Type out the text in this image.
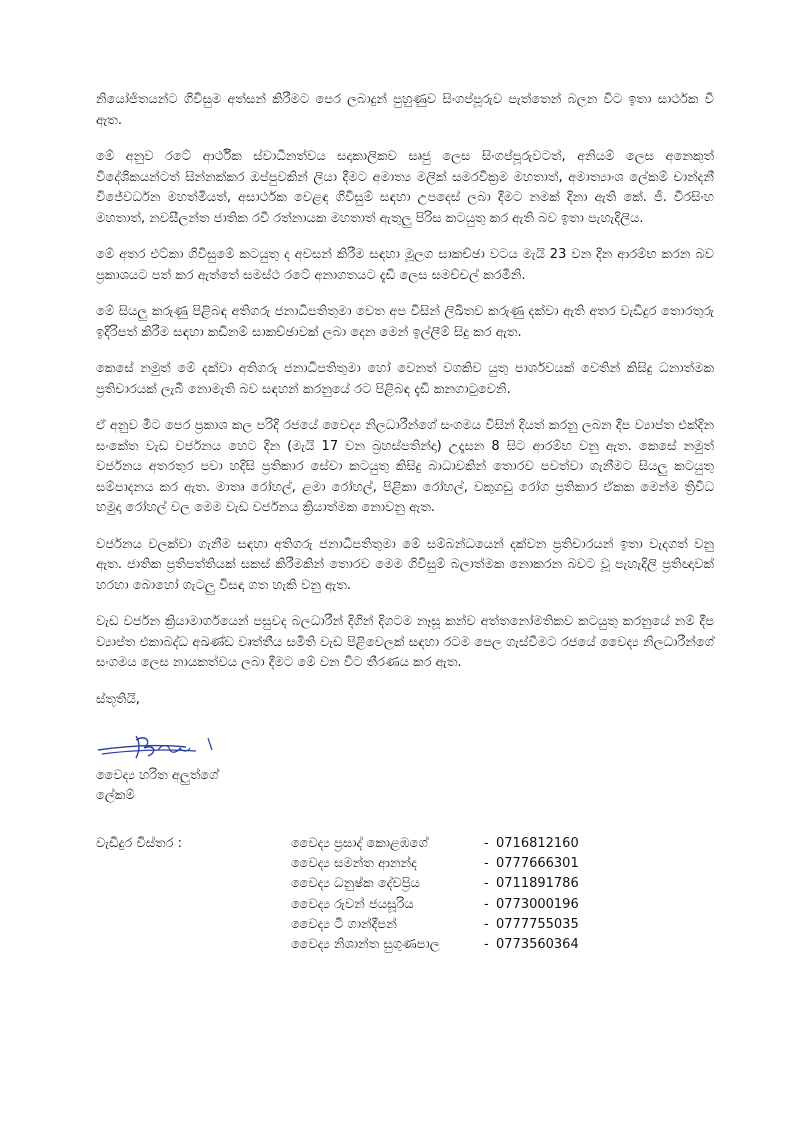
නියෝජිතයන්ට ගිවිසුම අත්සන් කිරීමට පෙර ලබාදුන් පුහුණුව සිංගප්පූරුව පැත්තෙන් බලන විට ඉතා සාර්ථක වී ඇත.

මේ අනුව රටේ ආර්ථික ස්වාධීනත්වය සදාකාලිකව සෘජු ලෙස සිංගප්පූරුවටත්, අනියම් ලෙස අනෙකුත් විදේශිකයන්ටත් සින්නක්කර ඔප්පුවකින් ලියා දීමට අමාත්‍ය මලික් සමරවික්‍රම මහතාත්, අමාත්‍යාංශ ලේකම් චාන්දනී විජේවර්ධන මහත්මියත්, අසාර්ථක වෙළඳ ගිවිසුම් සඳහා උපදෙස් ලබා දීමට නමක් දිනා ඇති කේ. ජී. වීරසිංහ මහතාත්, නවසීලන්ත ජාතික රවී රත්නායක මහතාත් ඇතුලු පිරිස කටයුතු කර ඇති බව ඉතා පැහැදිලිය.

මේ අතර එට්කා ගිවිසුමේ කටයුතු ද අවසන් කිරීම සඳහා මූලග සාකච්ඡා වටය මැයි 23 වන දින ආරම්භ කරන බව ප්‍රකාශයට පත් කර ඇත්තේ සමස්ථ රටේ අනාගතයට දැඩි ලෙස සමච්චල් කරමිනි.

මේ සියලු කරුණු පිළිබඳ අතිගරු ජනාධිපතිතුමා වෙත අප විසින් ලිඛිතව කරුණු දක්වා ඇති අතර වැඩිදුර තොරතුරු ඉදිරිපත් කිරීම සඳහා කඩිනම් සාකච්ඡාවක් ලබා දෙන මෙන් ඉල්ලීම් සිදු කර ඇත.

කෙසේ නමුත් මේ දක්වා අතිගරු ජනාධිපතිතුමා හෝ වෙනත් වගකිව යුතු පාර්ශවයක් වෙතින් කිසිදු ධනාත්මක ප්‍රතිචාරයක් ලැබී නොමැති බව සඳහන් කරනුයේ රට පිළිබඳ දැඩි කනගාටුවෙනි.

ඒ අනුව මීට පෙර ප්‍රකාශ කල පරිදි රජයේ වෛද්‍ය නිලධාරීන්ගේ සංගමය විසින් දියත් කරනු ලබන දීප ව්‍යාප්ත එක්දින සංකේත වැඩ වර්ජනය හෙට දින (මැයි 17 වන බ්‍රහස්පතින්දා) උදෑසන 8 සිට ආරම්භ වනු ඇත. කෙසේ නමුත් වර්ජනය අතරතුර පවා හදිසි ප්‍රතිකාර සේවා කටයුතු කිසිදු බාධාවකින් තොරව පවත්වා ගැනීමට සියලු කටයුතු සම්පාදනය කර ඇත. මාතෘ රෝහල්, ළමා රෝහල්, පිළිකා රෝහල්, වකුගඩු රෝග ප්‍රතිකාර ඒකක මෙන්ම ත්‍රිවිධ හමුදා රෝහල් වල මෙම වැඩ වර්ජනය ක්‍රියාත්මක නොවනු ඇත.

වර්ජනය වලක්වා ගැනීම සඳහා අතිගරු ජනාධිපතිතුමා මේ සම්බන්ධයෙන් දක්වන ප්‍රතිචාරයන් ඉතා වැදගත් වනු ඇත. ජාතික ප්‍රතිපත්තියක් සකස් කිරීමකින් තොරව මෙම ගිවිසුම් බලාත්මක නොකරන බවට වූ පැහැදිලි ප්‍රතිඥාවක් හරහා බොහෝ ගැටලු විසඳා ගත හැකි වනු ඇත.

වැඩ වර්ජන ක්‍රියාමාර්ගයෙන් පසුවද බලධාරීන් දිගින් දිගටම නෑසූ කන්ව අත්තනෝමතිකව කටයුතු කරනුයේ නම් දීප ව්‍යාප්ත එකාබද්ධ අඛණ්ඩ වෘත්තීය සමිති වැඩ පිළිවෙලක් සඳහා රටම පෙල ගැස්වීමට රජයේ වෛද්‍ය නිලධාරීන්ගේ සංගමය ලෙස නායකත්වය ලබා දීමට මේ වන විට තීරණය කර ඇත.

ස්තූතියි,
වෛද්‍ය හරිත අලුත්ගේ
ලේකම්
වැඩිදුර විස්තර :	වෛද්‍ය ප්‍රසාද් කොළඹගේ	- 0716812160
වෛද්‍ය සමන්ත ආනන්ද	- 0777666301
වෛද්‍ය ධනුෂ්ක දේවප්‍රිය	- 0711891786
වෛද්‍ය රුවන් ජයසූරිය	- 0773000196
වෛද්‍ය ටී ගාන්දීපන්	- 0777755035
වෛද්‍ය නිශාන්ත සුගුණපාල	- 0773560364
